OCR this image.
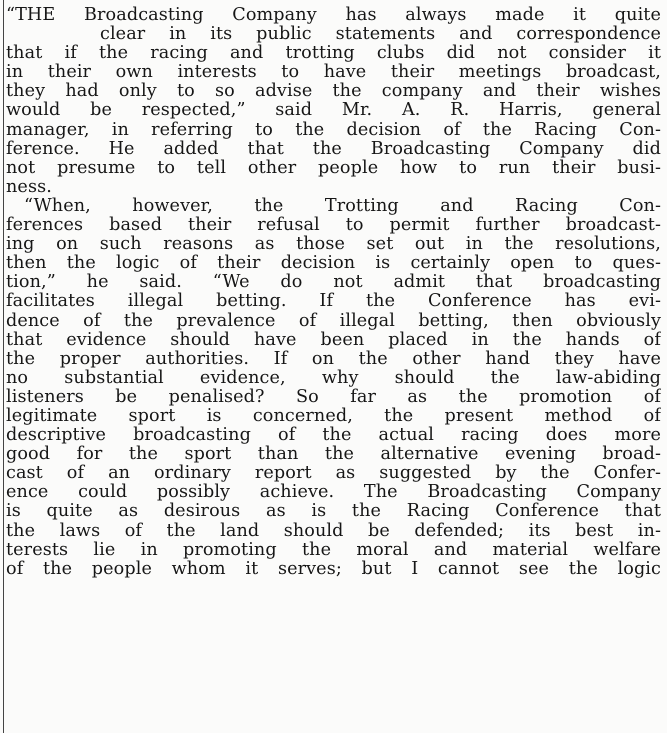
“THE Broadcasting Company has always made it quite
clear in its public statements and correspondence
that if the racing and trotting clubs did not consider it
in their own interests to have their meetings broadcast,
they had only to so advise the company and their wishes
would be respected,” said Mr. A. R. Harris, general
manager, in referring to the decision of the Racing Con-
ference. He added that the Broadcasting Company did
not presume to tell other people how to run their busi-
ness.
“When, however, the Trotting and Racing Con-
ferences based their refusal to permit further broadcast-
ing on such reasons as those set out in the resolutions,
then the logic of their decision is certainly open to ques-
tion,” he said. “We do not admit that broadcasting
facilitates illegal betting. If the Conference has evi-
dence of the prevalence of illegal betting, then obviously
that evidence should have been placed in the hands of
the proper authorities. If on the other hand they have
no substantial evidence, why should the law-abiding
listeners be penalised? So far as the promotion of
legitimate sport is concerned, the present method of
descriptive broadcasting of the actual racing does more
good for the sport than the alternative evening broad-
cast of an ordinary report as suggested by the Confer-
ence could possibly achieve. The Broadcasting Company
is quite as desirous as is the Racing Conference that
the laws of the land should be defended; its best in-
terests lie in promoting the moral and material welfare
of the people whom it serves; but I cannot see the logic
